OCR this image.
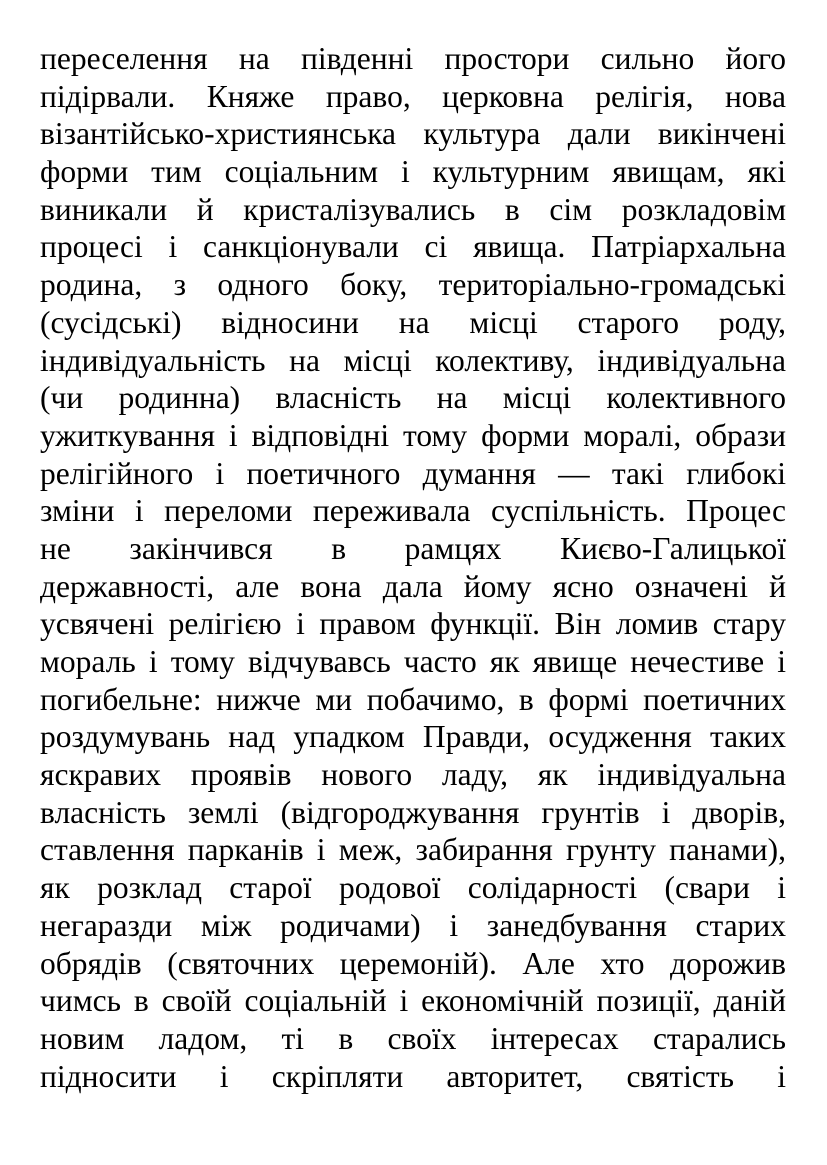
переселення на південні простори сильно його
підірвали. Княже право, церковна релігія, нова
візантійсько-християнська культура дали викінчені
форми тим соціальним і культурним явищам, які
виникали й кристалізувались в сім розкладовім
процесі і санкціонували сі явища. Патріархальна
родина, з одного боку, територіально-громадські
(сусідські) відносини на місці старого роду,
індивідуальність на місці колективу, індивідуальна
(чи родинна) власність на місці колективного
ужиткування і відповідні тому форми моралі, образи
релігійного і поетичного думання — такі глибокі
зміни і переломи переживала суспільність. Процес
не закінчився в рамцях Києво-Галицької
державності, але вона дала йому ясно означені й
усвячені релігією і правом функції. Він ломив стару
мораль і тому відчувавсь часто як явище нечестиве і
погибельне: нижче ми побачимо, в формі поетичних
роздумувань над упадком Правди, осудження таких
яскравих проявів нового ладу, як індивідуальна
власність землі (відгороджування грунтів і дворів,
ставлення парканів і меж, забирання грунту панами),
як розклад старої родової солідарності (свари і
негаразди між родичами) і занедбування старих
обрядів (святочних церемоній). Але хто дорожив
чимсь в своїй соціальній і економічній позиції, даній
новим ладом, ті в своїх інтересах старались
підносити і скріпляти авторитет, святість і
